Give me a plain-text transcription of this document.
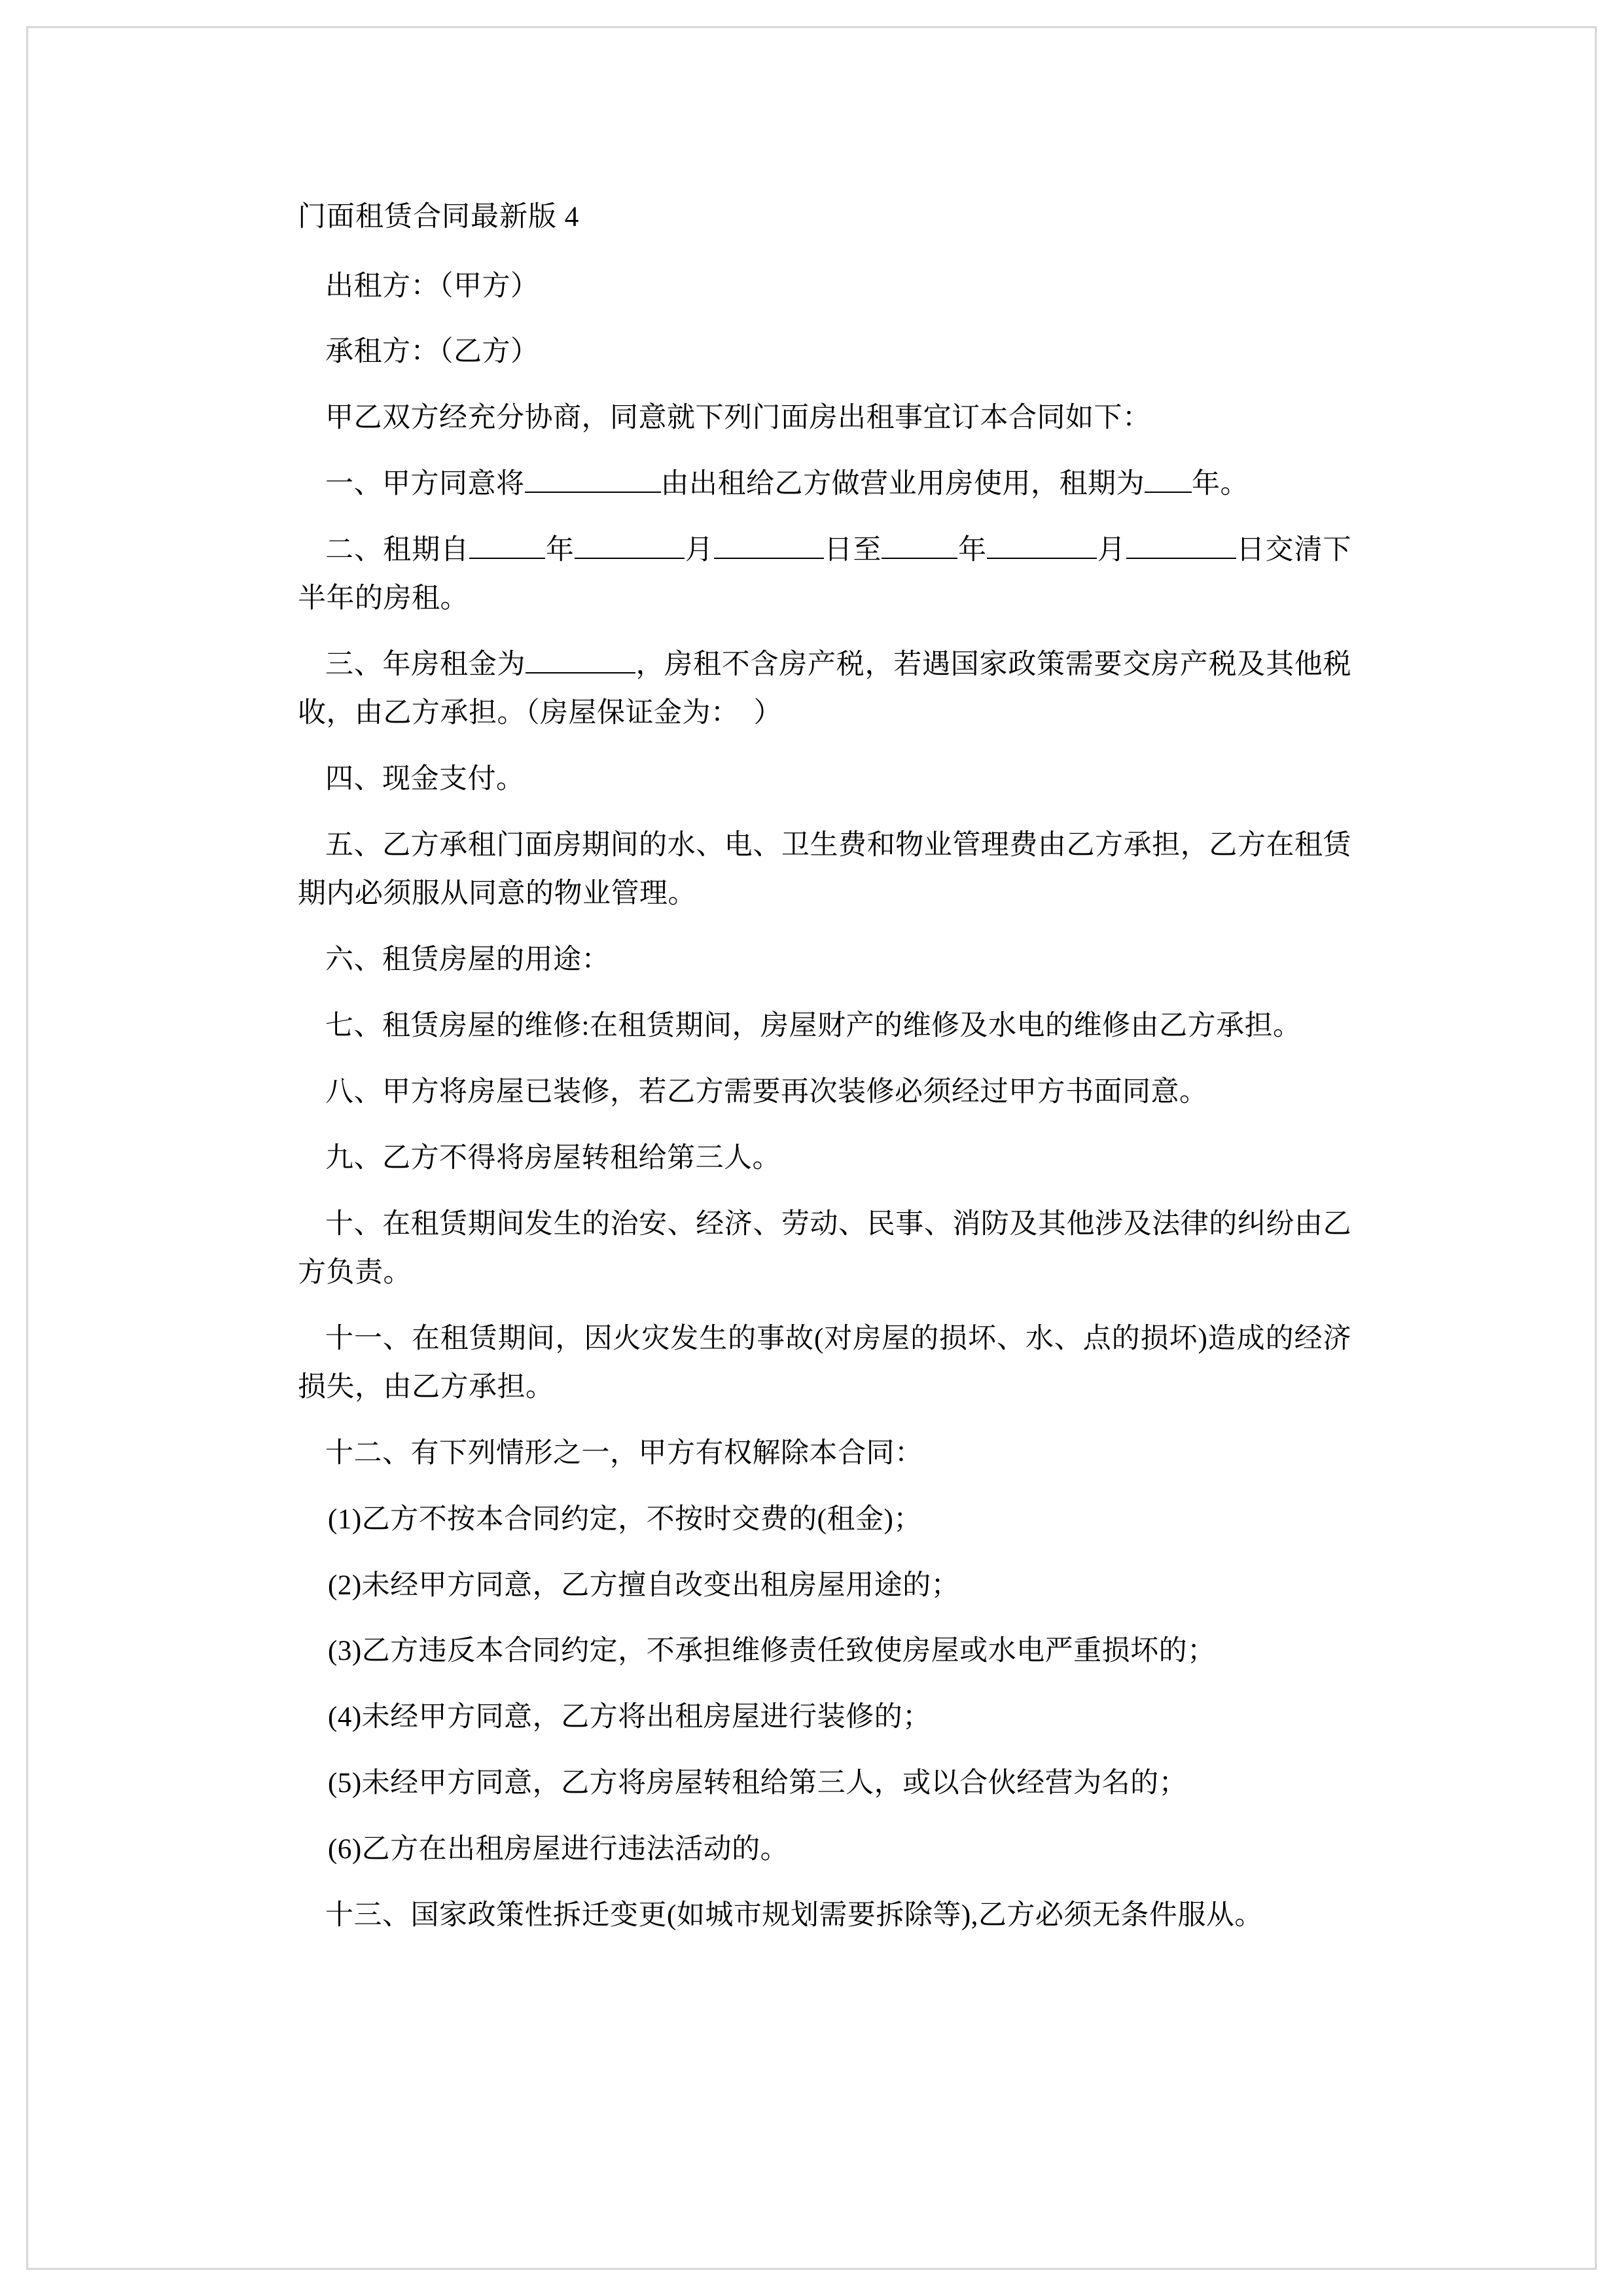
门面租赁合同最新版 4

出租方：（甲方）

承租方：（乙方）

甲乙双方经充分协商，同意就下列门面房出租事宜订本合同如下：

一、甲方同意将	由出租给乙方做营业用房使用，租期为 年。

二、租期自	年	月	日至	年	月	日交清下半年的房租。

三、年房租金为	，房租不含房产税，若遇国家政策需要交房产税及其他税收，由乙方承担。（房屋保证金为：　）

四、现金支付。

五、乙方承租门面房期间的水、电、卫生费和物业管理费由乙方承担，乙方在租赁期内必须服从同意的物业管理。

六、租赁房屋的用途：

七、租赁房屋的维修:在租赁期间，房屋财产的维修及水电的维修由乙方承担。

八、甲方将房屋已装修，若乙方需要再次装修必须经过甲方书面同意。

九、乙方不得将房屋转租给第三人。

十、在租赁期间发生的治安、经济、劳动、民事、消防及其他涉及法律的纠纷由乙方负责。

十一、在租赁期间，因火灾发生的事故(对房屋的损坏、水、点的损坏)造成的经济损失，由乙方承担。

十二、有下列情形之一，甲方有权解除本合同：

(1)乙方不按本合同约定，不按时交费的(租金)；

(2)未经甲方同意，乙方擅自改变出租房屋用途的；

(3)乙方违反本合同约定，不承担维修责任致使房屋或水电严重损坏的；

(4)未经甲方同意，乙方将出租房屋进行装修的；

(5)未经甲方同意，乙方将房屋转租给第三人，或以合伙经营为名的；

(6)乙方在出租房屋进行违法活动的。

十三、国家政策性拆迁变更(如城市规划需要拆除等),乙方必须无条件服从。
